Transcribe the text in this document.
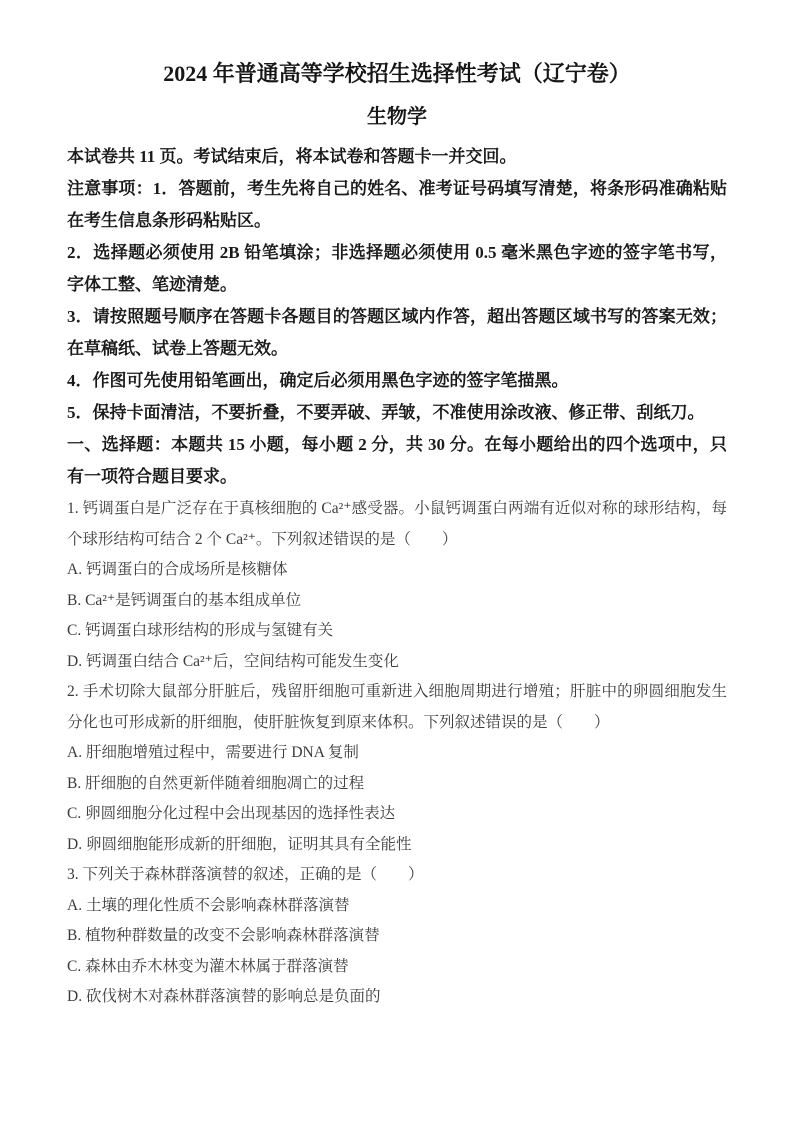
2024 年普通高等学校招生选择性考试（辽宁卷）
生物学

本试卷共 11 页。考试结束后，将本试卷和答题卡一并交回。

注意事项：1．答题前，考生先将自己的姓名、准考证号码填写清楚，将条形码准确粘贴在考生信息条形码粘贴区。

2．选择题必须使用 2B 铅笔填涂；非选择题必须使用 0.5 毫米黑色字迹的签字笔书写，字体工整、笔迹清楚。

3．请按照题号顺序在答题卡各题目的答题区域内作答，超出答题区域书写的答案无效；在草稿纸、试卷上答题无效。

4．作图可先使用铅笔画出，确定后必须用黑色字迹的签字笔描黑。

5．保持卡面清洁，不要折叠，不要弄破、弄皱，不准使用涂改液、修正带、刮纸刀。

一、选择题：本题共 15 小题，每小题 2 分，共 30 分。在每小题给出的四个选项中，只有一项符合题目要求。

1. 钙调蛋白是广泛存在于真核细胞的 Ca²⁺感受器。小鼠钙调蛋白两端有近似对称的球形结构，每个球形结构可结合 2 个 Ca²⁺。下列叙述错误的是（　　）

A. 钙调蛋白的合成场所是核糖体

B. Ca²⁺是钙调蛋白的基本组成单位

C. 钙调蛋白球形结构的形成与氢键有关

D. 钙调蛋白结合 Ca²⁺后，空间结构可能发生变化

2. 手术切除大鼠部分肝脏后，残留肝细胞可重新进入细胞周期进行增殖；肝脏中的卵圆细胞发生分化也可形成新的肝细胞，使肝脏恢复到原来体积。下列叙述错误的是（　　）

A. 肝细胞增殖过程中，需要进行 DNA 复制

B. 肝细胞的自然更新伴随着细胞凋亡的过程

C. 卵圆细胞分化过程中会出现基因的选择性表达

D. 卵圆细胞能形成新的肝细胞，证明其具有全能性

3. 下列关于森林群落演替的叙述，正确的是（　　）

A. 土壤的理化性质不会影响森林群落演替

B. 植物种群数量的改变不会影响森林群落演替

C. 森林由乔木林变为灌木林属于群落演替

D. 砍伐树木对森林群落演替的影响总是负面的
